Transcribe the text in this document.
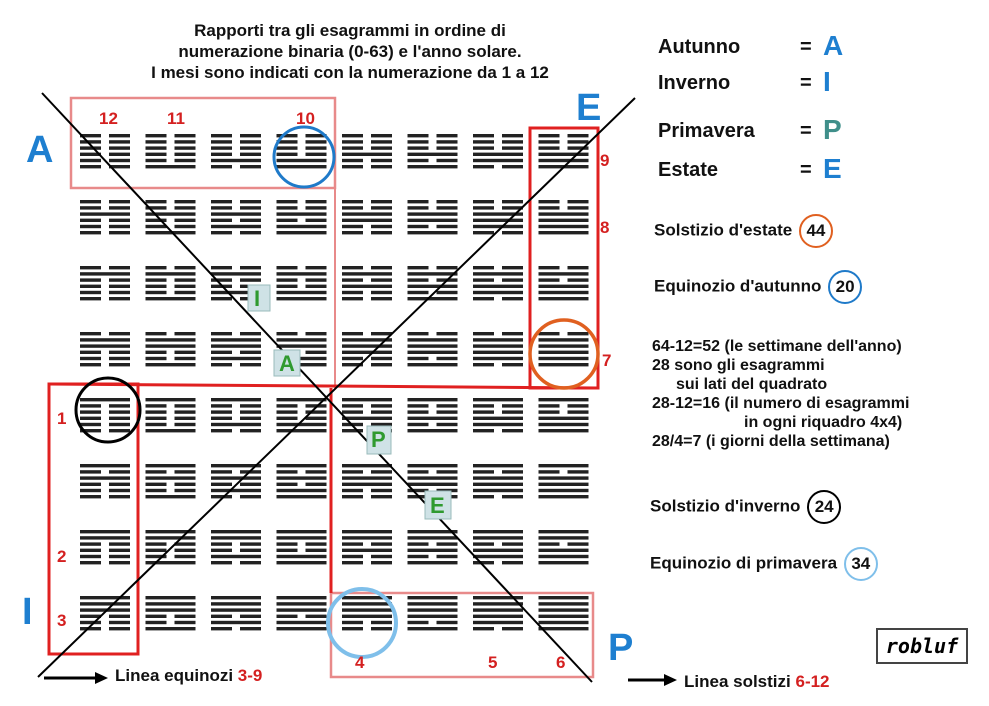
A
E
I
P
1
2
3
4	5	6
7
8
9
10
11
12
I
A
P
E
Rapporti tra gli esagrammi in ordine di
numerazione binaria (0-63) e l'anno solare.
I mesi sono indicati con la numerazione da 1 a 12
Autunno	= A
Inverno	= I
Primavera = P
Estate	= E
Solstizio d'estate 44
Equinozio d'autunno 20
64-12=52 (le settimane dell'anno)
28 sono gli esagrammi
sui lati del quadrato
28-12=16 (il numero di esagrammi
in ogni riquadro 4x4)
28/4=7 (i giorni della settimana)
Solstizio d'inverno 24
Equinozio di primavera 34
robluf
Linea equinozi 3-9	Linea solstizi 6-12
